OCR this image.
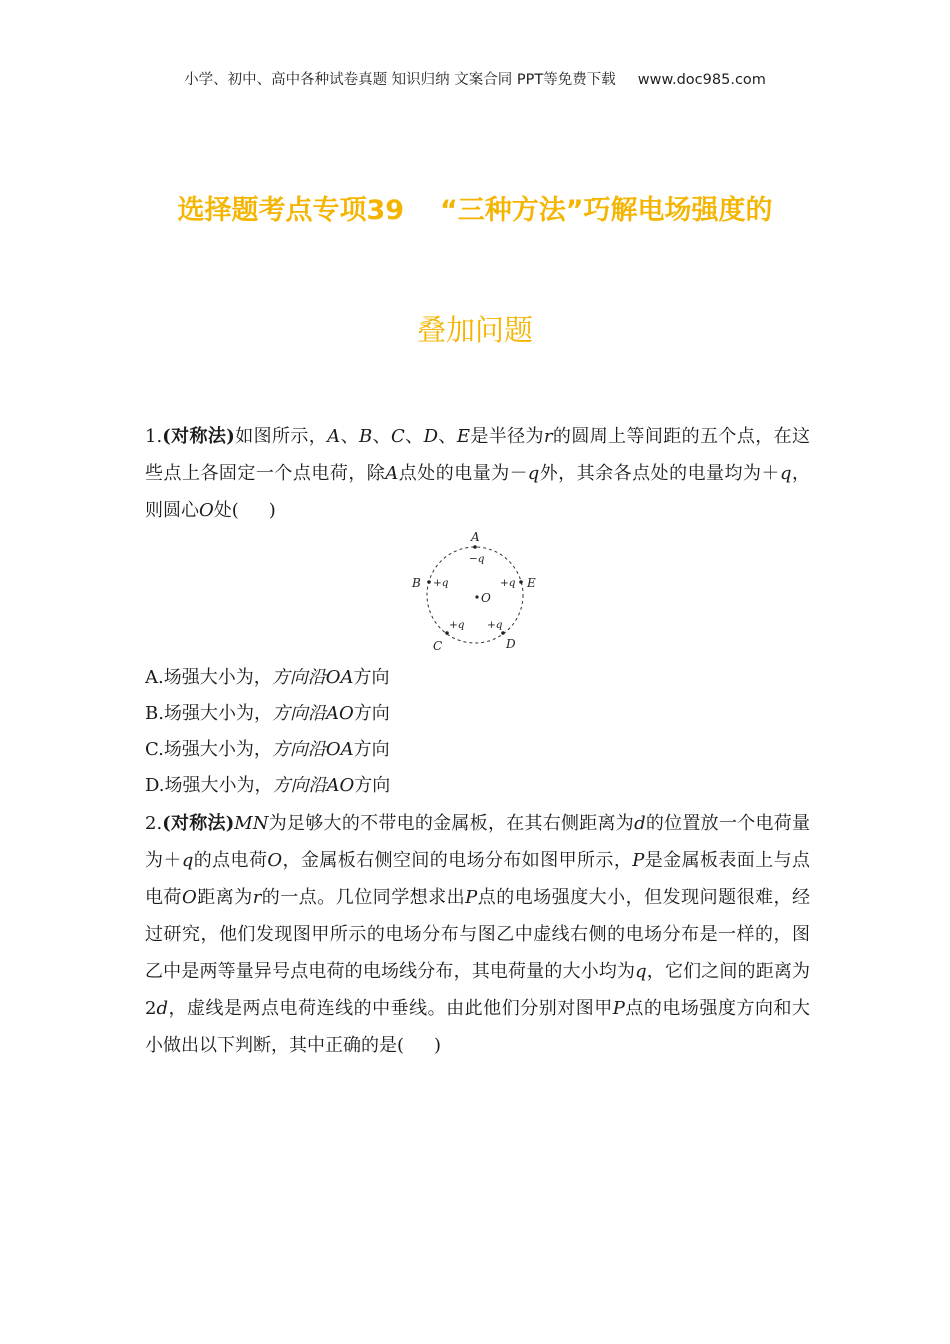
小学、初中、高中各种试卷真题 知识归纳 文案合同 PPT等免费下载 www.doc985.com
选择题考点专项39 “三种方法”巧解电场强度的
叠加问题
1.(对称法)如图所示，A、B、C、D、E是半径为r的圆周上等间距的五个点，在这些点上各固定一个点电荷，除A点处的电量为－q外，其余各点处的电量均为＋q，则圆心O处( )
A
−q
B +q	+q E
O
+q +q
C	D
A.场强大小为，方向沿OA方向
B.场强大小为，方向沿AO方向
C.场强大小为，方向沿OA方向
D.场强大小为，方向沿AO方向
2.(对称法)MN为足够大的不带电的金属板，在其右侧距离为d的位置放一个电荷量为＋q的点电荷O，金属板右侧空间的电场分布如图甲所示，P是金属板表面上与点电荷O距离为r的一点。几位同学想求出P点的电场强度大小，但发现问题很难，经过研究，他们发现图甲所示的电场分布与图乙中虚线右侧的电场分布是一样的，图乙中是两等量异号点电荷的电场线分布，其电荷量的大小均为q，它们之间的距离为2d，虚线是两点电荷连线的中垂线。由此他们分别对图甲P点的电场强度方向和大小做出以下判断，其中正确的是( )
